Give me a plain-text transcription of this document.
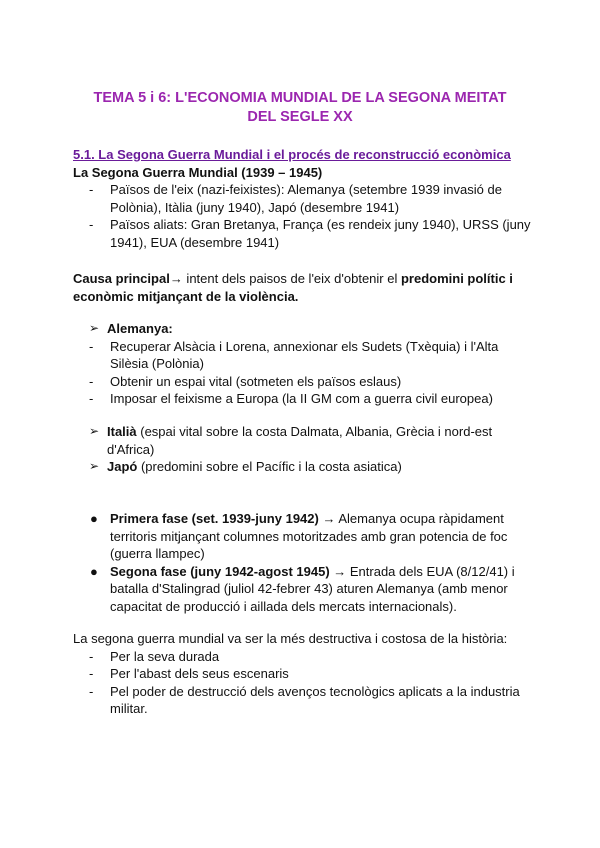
TEMA 5 i 6: L'ECONOMIA MUNDIAL DE LA SEGONA MEITAT
DEL SEGLE XX
5.1. La Segona Guerra Mundial i el procés de reconstrucció econòmica
La Segona Guerra Mundial (1939 – 1945)
- Països de l'eix (nazi-feixistes): Alemanya (setembre 1939 invasió de Polònia), Itàlia (juny 1940), Japó (desembre 1941)
- Països aliats: Gran Bretanya, França (es rendeix juny 1940), URSS (juny 1941), EUA (desembre 1941)
Causa principal→ intent dels paisos de l'eix d'obtenir el predomini polític i econòmic mitjançant de la violència.
➢ Alemanya:
- Recuperar Alsàcia i Lorena, annexionar els Sudets (Txèquia) i l'Alta Silèsia (Polònia)
- Obtenir un espai vital (sotmeten els països eslaus)
- Imposar el feixisme a Europa (la II GM com a guerra civil europea)
➢ Italià (espai vital sobre la costa Dalmata, Albania, Grècia i nord-est d'Africa)
➢ Japó (predomini sobre el Pacífic i la costa asiatica)
● Primera fase (set. 1939-juny 1942) → Alemanya ocupa ràpidament territoris mitjançant columnes motoritzades amb gran potencia de foc (guerra llampec)
● Segona fase (juny 1942-agost 1945) → Entrada dels EUA (8/12/41) i batalla d'Stalingrad (juliol 42-febrer 43) aturen Alemanya (amb menor capacitat de producció i aillada dels mercats internacionals).
La segona guerra mundial va ser la més destructiva i costosa de la història:
- Per la seva durada
- Per l'abast dels seus escenaris
- Pel poder de destrucció dels avenços tecnològics aplicats a la industria militar.
